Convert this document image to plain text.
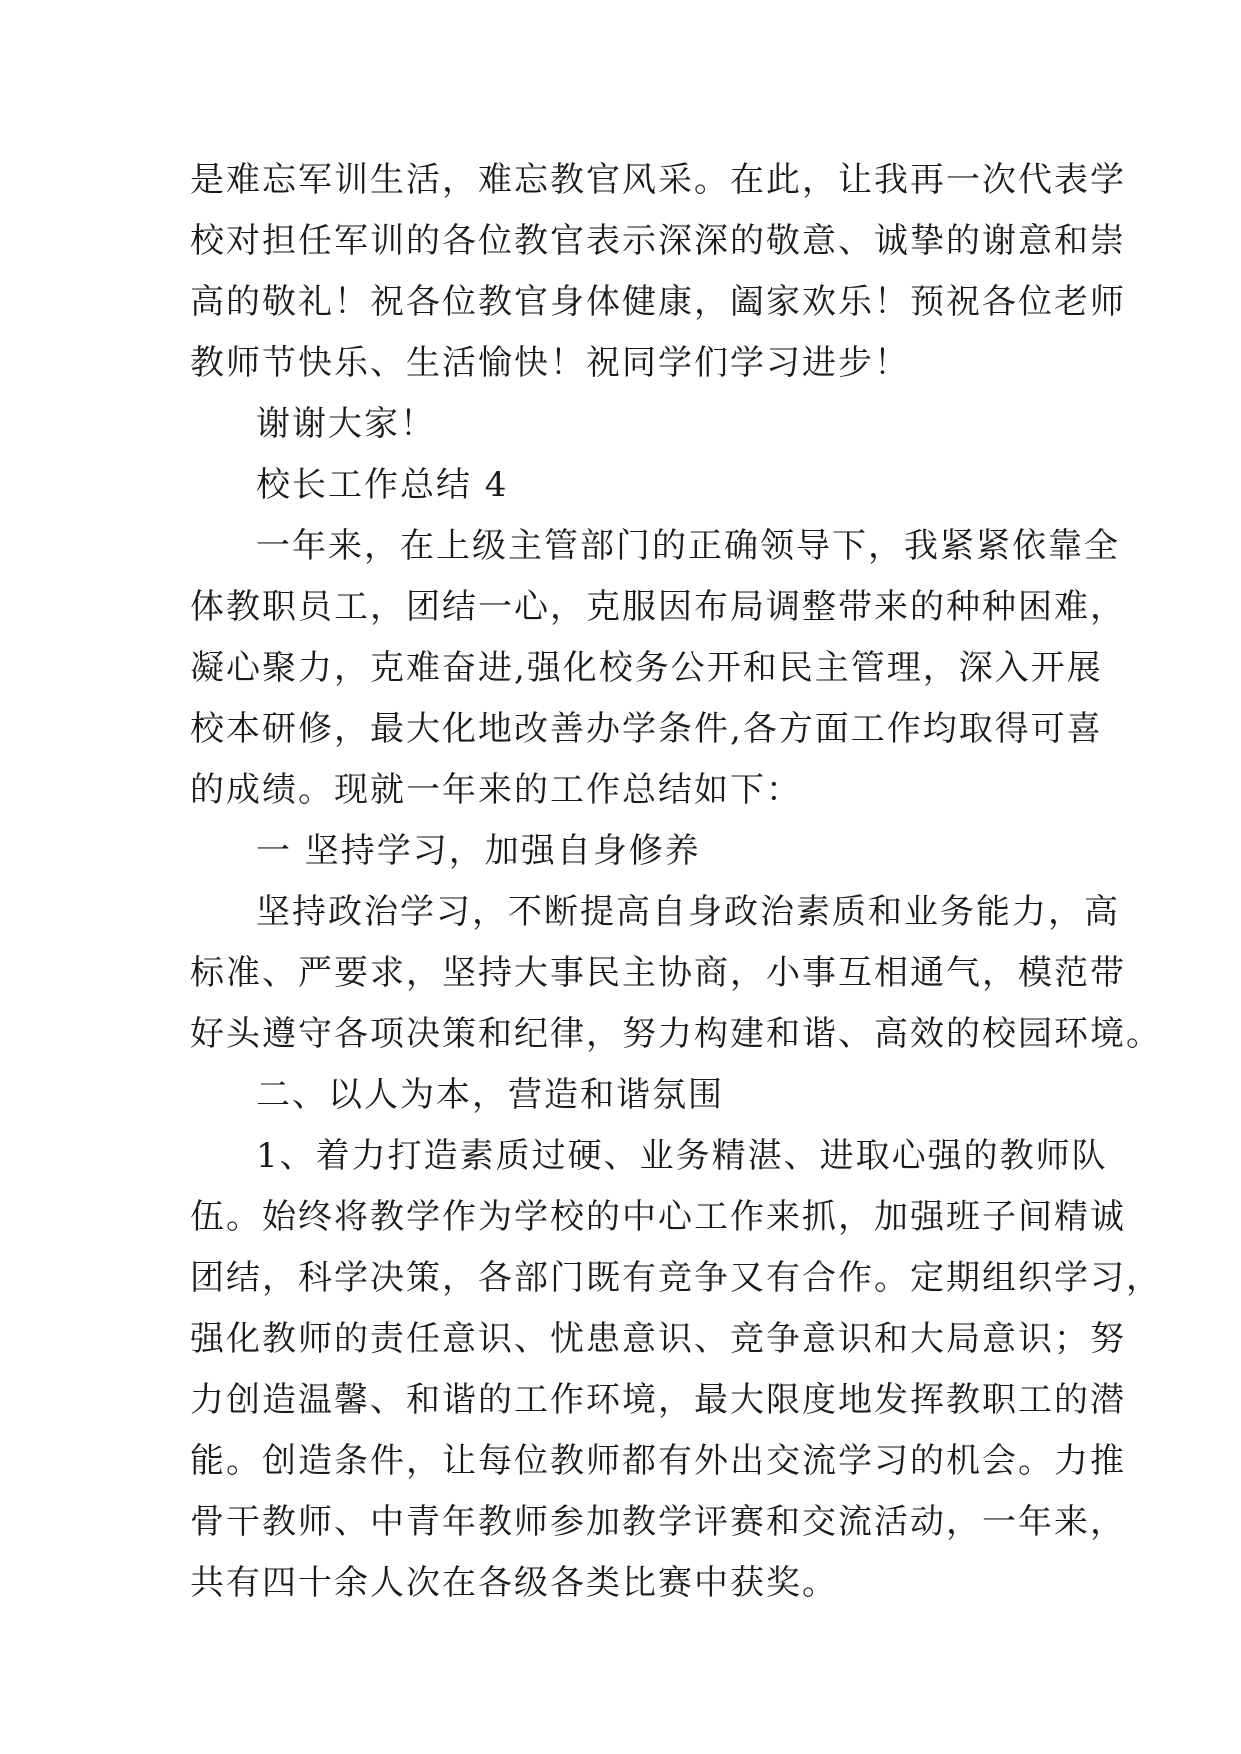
是难忘军训生活，难忘教官风采。在此，让我再一次代表学
校对担任军训的各位教官表示深深的敬意、诚挚的谢意和崇
高的敬礼！祝各位教官身体健康，阖家欢乐！预祝各位老师
教师节快乐、生活愉快！祝同学们学习进步！
谢谢大家！
校长工作总结 4
一年来，在上级主管部门的正确领导下，我紧紧依靠全
体教职员工，团结一心，克服因布局调整带来的种种困难，
凝心聚力，克难奋进,强化校务公开和民主管理，深入开展
校本研修，最大化地改善办学条件,各方面工作均取得可喜
的成绩。现就一年来的工作总结如下：
一 坚持学习，加强自身修养
坚持政治学习，不断提高自身政治素质和业务能力，高
标准、严要求，坚持大事民主协商，小事互相通气，模范带
好头遵守各项决策和纪律，努力构建和谐、高效的校园环境。
二、以人为本，营造和谐氛围
1、着力打造素质过硬、业务精湛、进取心强的教师队
伍。始终将教学作为学校的中心工作来抓，加强班子间精诚
团结，科学决策，各部门既有竞争又有合作。定期组织学习，
强化教师的责任意识、忧患意识、竞争意识和大局意识；努
力创造温馨、和谐的工作环境，最大限度地发挥教职工的潜
能。创造条件，让每位教师都有外出交流学习的机会。力推
骨干教师、中青年教师参加教学评赛和交流活动，一年来，
共有四十余人次在各级各类比赛中获奖。
